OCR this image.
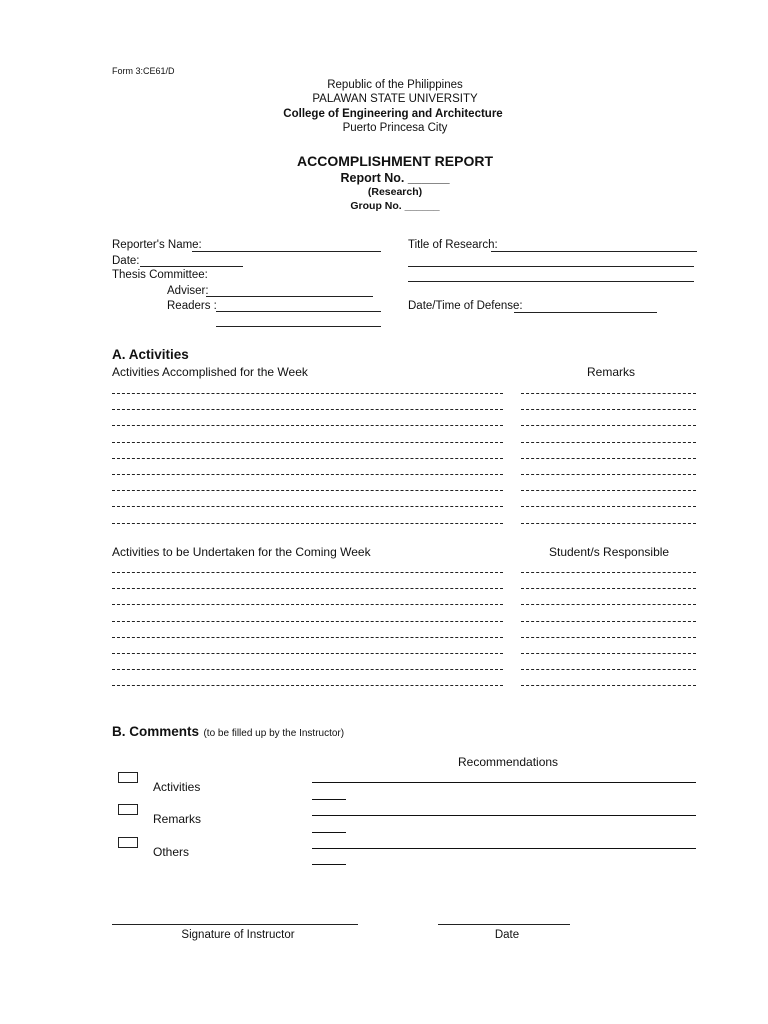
Form 3:CE61/D
Republic of the Philippines
PALAWAN STATE UNIVERSITY
College of Engineering and Architecture
Puerto Princesa City
ACCOMPLISHMENT REPORT
Report No. ______
(Research)
Group No. ______
Reporter's Name:
Date:
Thesis Committee:
Adviser:
Readers :
Title of Research:
Date/Time of Defense:
A. Activities
Activities Accomplished for the Week	Remarks
Activities to be Undertaken for the Coming Week	Student/s Responsible
B. Comments (to be filled up by the Instructor)
Recommendations
Activities
Remarks
Others
Signature of Instructor	Date
